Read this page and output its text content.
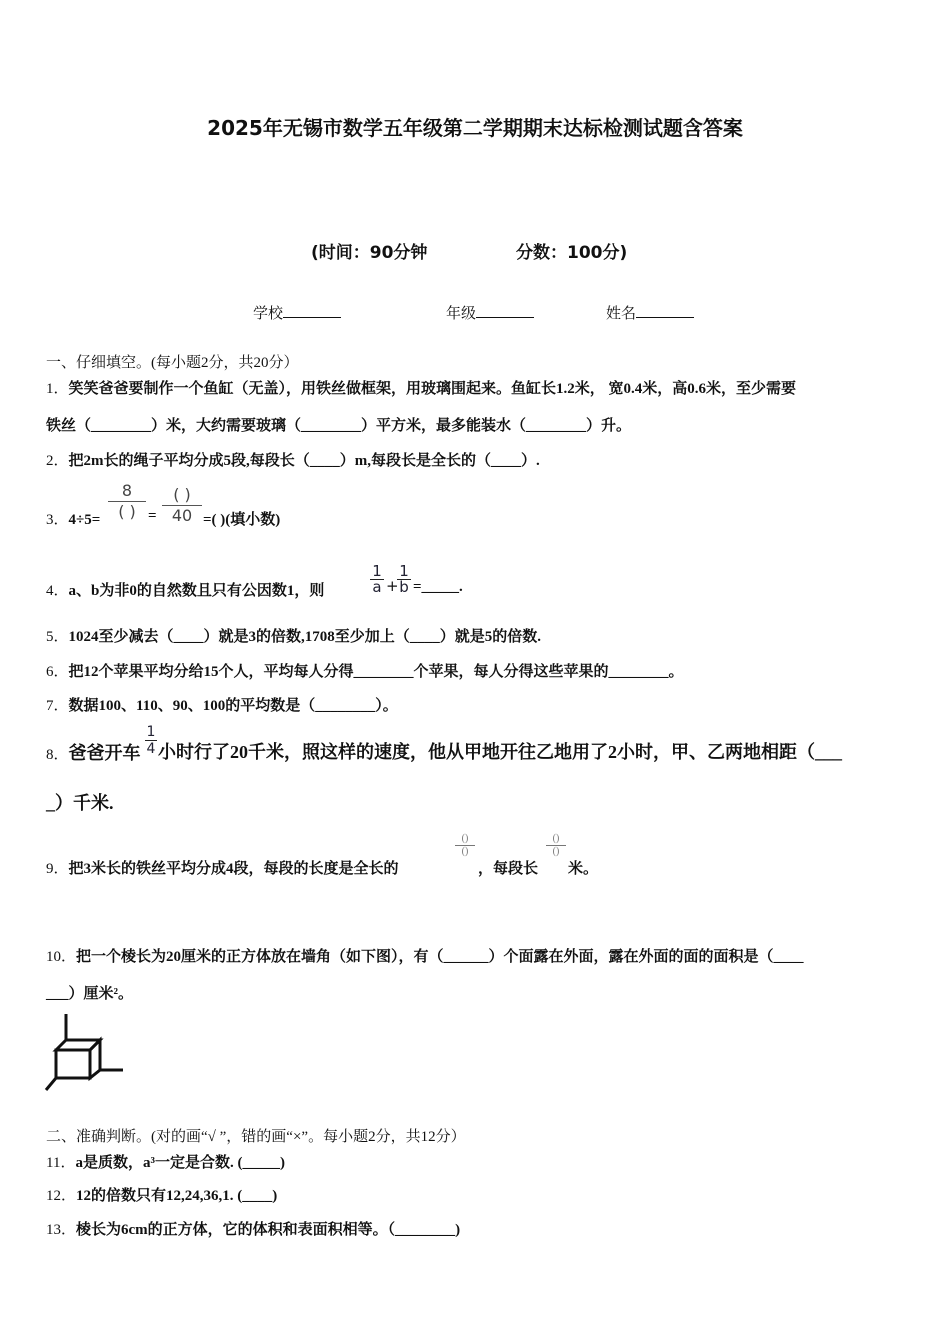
2025年无锡市数学五年级第二学期期末达标检测试题含答案
(时间：90分钟	分数：100分)
学校	年级	姓名
一、仔细填空。(每小题2分，共20分）
1．笑笑爸爸要制作一个鱼缸（无盖），用铁丝做框架，用玻璃围起来。鱼缸长1.2米， 宽0.4米，高0.6米，至少需要
铁丝（________）米，大约需要玻璃（________）平方米，最多能装水（________）升。
2．把2m长的绳子平均分成5段,每段长（____）m,每段长是全长的（____）.
3．4÷5=
8
( ) =
( )
40 =( )(填小数)
4．a、b为非0的自然数且只有公因数1，则	$\frac{1}{a}$ +
$\frac{1}{b}$ =_____.
5．1024至少减去（____）就是3的倍数,1708至少加上（____）就是5的倍数.
6．把12个苹果平均分给15个人，平均每人分得________个苹果，每人分得这些苹果的________。
7．数据100、110、90、100的平均数是（________）。
8．爸爸开车 $\frac{1}{4}$ 小时行了20千米，照这样的速度，他从甲地开往乙地用了2小时，甲、乙两地相距（___
_）千米.
9．把3米长的铁丝平均分成4段，每段的长度是全长的
()
()
，每段长
()
()
米。
10．把一个棱长为20厘米的正方体放在墙角（如下图），有（______）个面露在外面，露在外面的面的面积是（____
___）厘米²。
二、准确判断。(对的画“√ ”，错的画“×”。每小题2分，共12分）
11．a是质数，a³一定是合数. (_____)
12．12的倍数只有12,24,36,1. (____)
13．棱长为6cm的正方体，它的体积和表面积相等。（________)
